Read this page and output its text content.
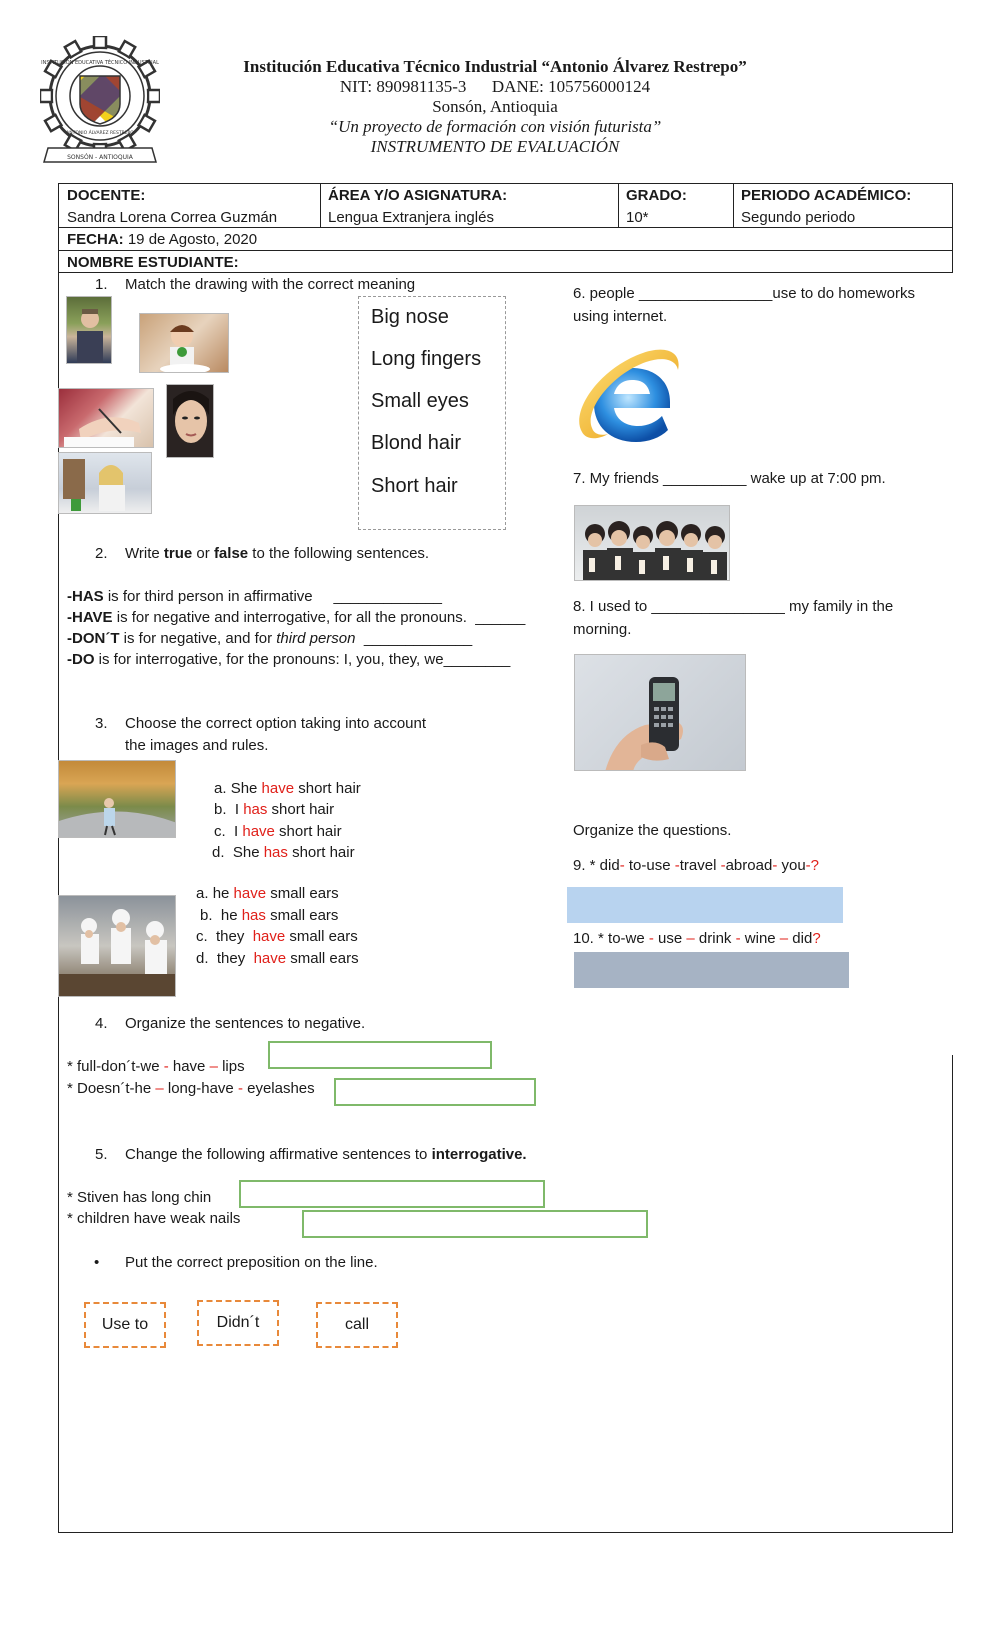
INSTITUCIÓN EDUCATIVA TÉCNICO INDUSTRIAL
ANTONIO ÁLVAREZ RESTREPO
SONSÓN - ANTIOQUIA
Institución Educativa Técnico Industrial “Antonio Álvarez Restrepo”
NIT: 890981135-3 DANE: 105756000124
Sonsón, Antioquia
“Un proyecto de formación con visión futurista”
INSTRUMENTO DE EVALUACIÓN
DOCENTE:
Sandra Lorena Correa Guzmán
ÁREA Y/O ASIGNATURA:
Lengua Extranjera inglés
GRADO:
10*
PERIODO ACADÉMICO:
Segundo periodo
FECHA: 19 de Agosto, 2020
NOMBRE ESTUDIANTE:
1. Match the drawing with the correct meaning
Big nose
Long fingers
Small eyes
Blond hair
Short hair
2. Write true or false to the following sentences.
-HAS is for third person in affirmative _____________
-HAVE is for negative and interrogative, for all the pronouns. ______
-DON´T is for negative, and for third person _____________
-DO is for interrogative, for the pronouns: I, you, they, we________
3. Choose the correct option taking into account
the images and rules.
a. She have short hair
b. I has short hair
c. I have short hair
d. She has short hair
a. he have small ears
b. he has small ears
c. they  have small ears
d. they  have small ears
4. Organize the sentences to negative.
* full-don´t-we - have – lips
* Doesn´t-he – long-have - eyelashes
5. Change the following affirmative sentences to interrogative.
* Stiven has long chin
* children have weak nails
• Put the correct preposition on the line.
Use to	Didn´t	call
6. people ________________use to do homeworks
using internet.
7. My friends __________ wake up at 7:00 pm.
8. I used to ________________ my family in the
morning.
Organize the questions.
9. * did- to-use -travel -abroad- you-?
10. * to-we - use – drink - wine – did?
